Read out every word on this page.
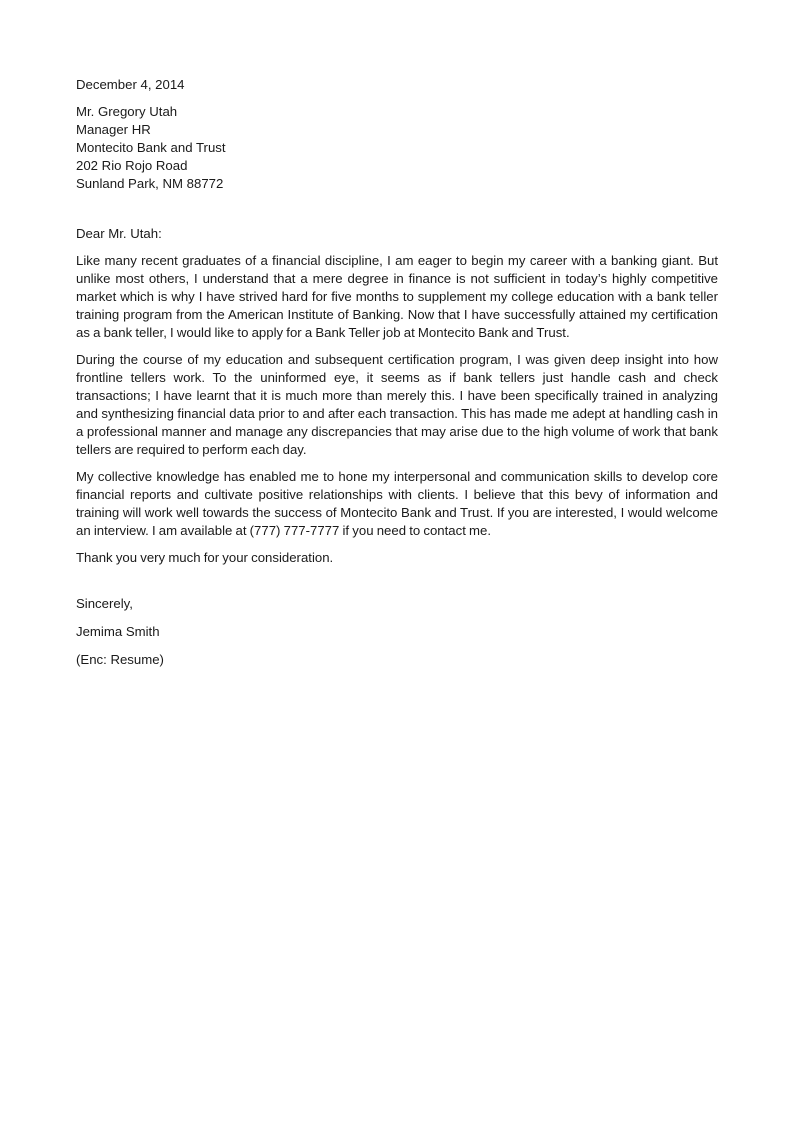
December 4, 2014
Mr. Gregory Utah
Manager HR
Montecito Bank and Trust
202 Rio Rojo Road
Sunland Park, NM 88772
Dear Mr. Utah:

Like many recent graduates of a financial discipline, I am eager to begin my career with a banking giant. But unlike most others, I understand that a mere degree in finance is not sufficient in today’s highly competitive market which is why I have strived hard for five months to supplement my college education with a bank teller training program from the American Institute of Banking. Now that I have successfully attained my certification as a bank teller, I would like to apply for a Bank Teller job at Montecito Bank and Trust.

During the course of my education and subsequent certification program, I was given deep insight into how frontline tellers work. To the uninformed eye, it seems as if bank tellers just handle cash and check transactions; I have learnt that it is much more than merely this. I have been specifically trained in analyzing and synthesizing financial data prior to and after each transaction. This has made me adept at handling cash in a professional manner and manage any discrepancies that may arise due to the high volume of work that bank tellers are required to perform each day.

My collective knowledge has enabled me to hone my interpersonal and communication skills to develop core financial reports and cultivate positive relationships with clients. I believe that this bevy of information and training will work well towards the success of Montecito Bank and Trust. If you are interested, I would welcome an interview. I am available at (777) 777-7777 if you need to contact me.

Thank you very much for your consideration.

Sincerely,
Jemima Smith
(Enc: Resume)
